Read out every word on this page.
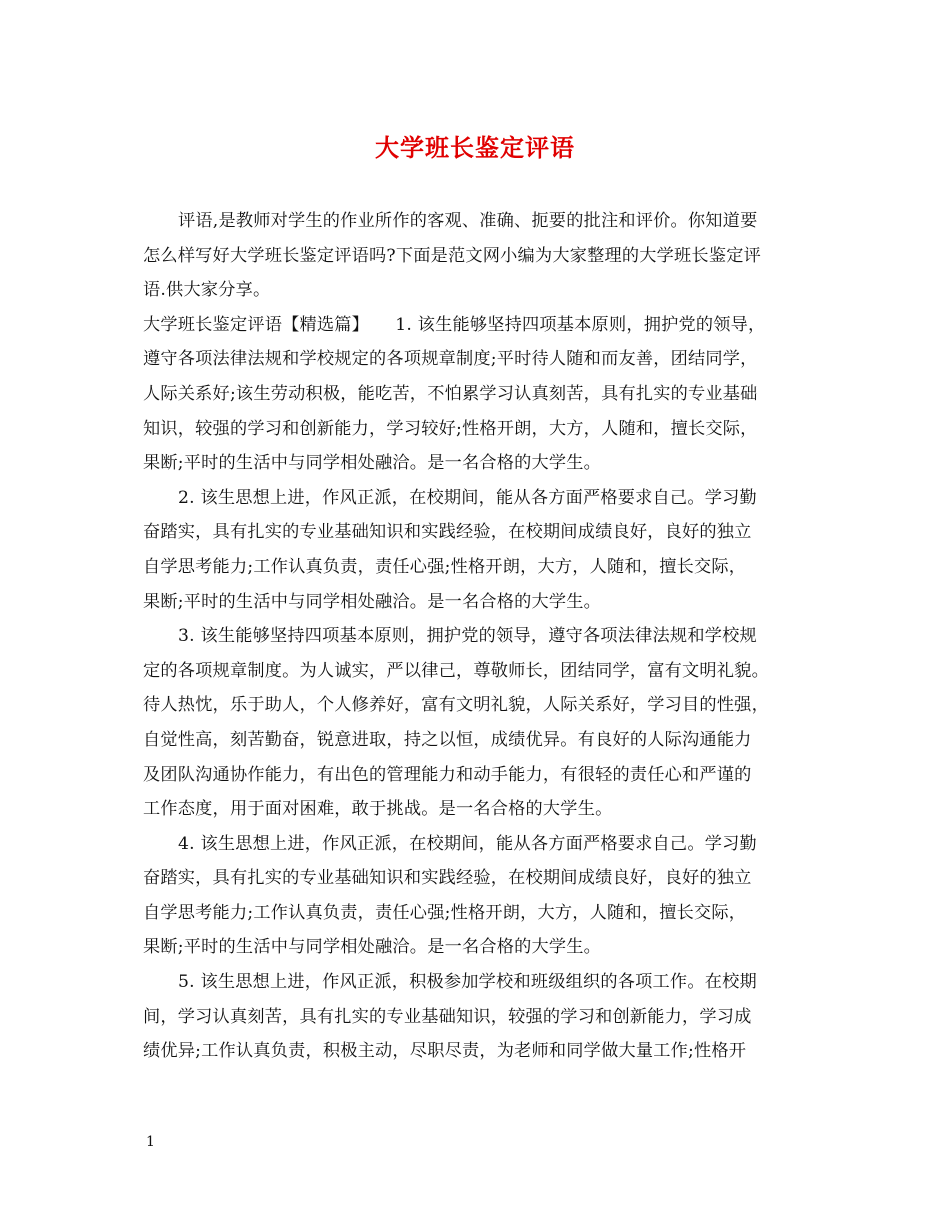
大学班长鉴定评语
评语,是教师对学生的作业所作的客观、准确、扼要的批注和评价。你知道要
怎么样写好大学班长鉴定评语吗?下面是范文网小编为大家整理的大学班长鉴定评
语.供大家分享。
大学班长鉴定评语【精选篇】　　1. 该生能够坚持四项基本原则，拥护党的领导，
遵守各项法律法规和学校规定的各项规章制度;平时待人随和而友善，团结同学，
人际关系好;该生劳动积极，能吃苦，不怕累学习认真刻苦，具有扎实的专业基础
知识，较强的学习和创新能力，学习较好;性格开朗，大方，人随和，擅长交际，
果断;平时的生活中与同学相处融洽。是一名合格的大学生。
2. 该生思想上进，作风正派，在校期间，能从各方面严格要求自己。学习勤
奋踏实，具有扎实的专业基础知识和实践经验，在校期间成绩良好，良好的独立
自学思考能力;工作认真负责，责任心强;性格开朗，大方，人随和，擅长交际，
果断;平时的生活中与同学相处融洽。是一名合格的大学生。
3. 该生能够坚持四项基本原则，拥护党的领导，遵守各项法律法规和学校规
定的各项规章制度。为人诚实，严以律己，尊敬师长，团结同学，富有文明礼貌。
待人热忱，乐于助人，个人修养好，富有文明礼貌，人际关系好，学习目的性强，
自觉性高，刻苦勤奋，锐意进取，持之以恒，成绩优异。有良好的人际沟通能力
及团队沟通协作能力，有出色的管理能力和动手能力，有很轻的责任心和严谨的
工作态度，用于面对困难，敢于挑战。是一名合格的大学生。
4. 该生思想上进，作风正派，在校期间，能从各方面严格要求自己。学习勤
奋踏实，具有扎实的专业基础知识和实践经验，在校期间成绩良好，良好的独立
自学思考能力;工作认真负责，责任心强;性格开朗，大方，人随和，擅长交际，
果断;平时的生活中与同学相处融洽。是一名合格的大学生。
5. 该生思想上进，作风正派，积极参加学校和班级组织的各项工作。在校期
间，学习认真刻苦，具有扎实的专业基础知识，较强的学习和创新能力，学习成
绩优异;工作认真负责，积极主动，尽职尽责，为老师和同学做大量工作;性格开
1
